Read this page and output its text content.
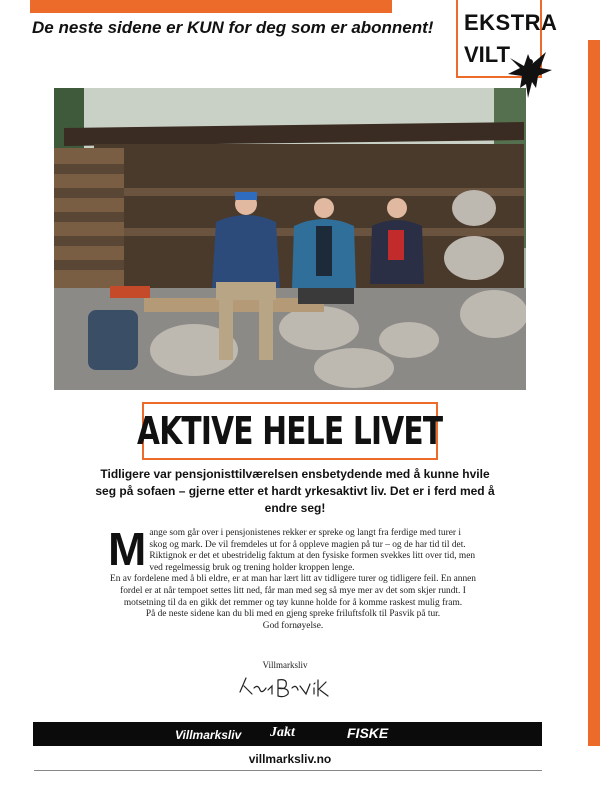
De neste sidene er KUN for deg som er abonnent! EKSTRA
VILT
AKTIVE HELE LIVET
Tidligere var pensjonisttilværelsen ensbetydende med å kunne hvile seg på sofaen – gjerne etter et hardt yrkesaktivt liv. Det er i ferd med å endre seg!

M ange som går over i pensjonistenes rekker er spreke og langt fra ferdige med turer i skog og mark. De vil fremdeles ut for å oppleve magien på tur – og de har tid til det. Riktignok er det et ubestridelig faktum at den fysiske formen svekkes litt over tid, men ved regelmessig bruk og trening holder kroppen lenge.

En av fordelene med å bli eldre, er at man har lært litt av tidligere turer og tidligere feil. En annen fordel er at når tempoet settes litt ned, får man med seg så mye mer av det som skjer rundt. I motsetning til da en gikk det remmer og tøy kunne holde for å komme raskest mulig fram.

På de neste sidene kan du bli med en gjeng spreke friluftsfolk til Pasvik på tur.

God fornøyelse.

Villmarksliv
Villmarksliv Jakt	FISKE
villmarksliv.no
